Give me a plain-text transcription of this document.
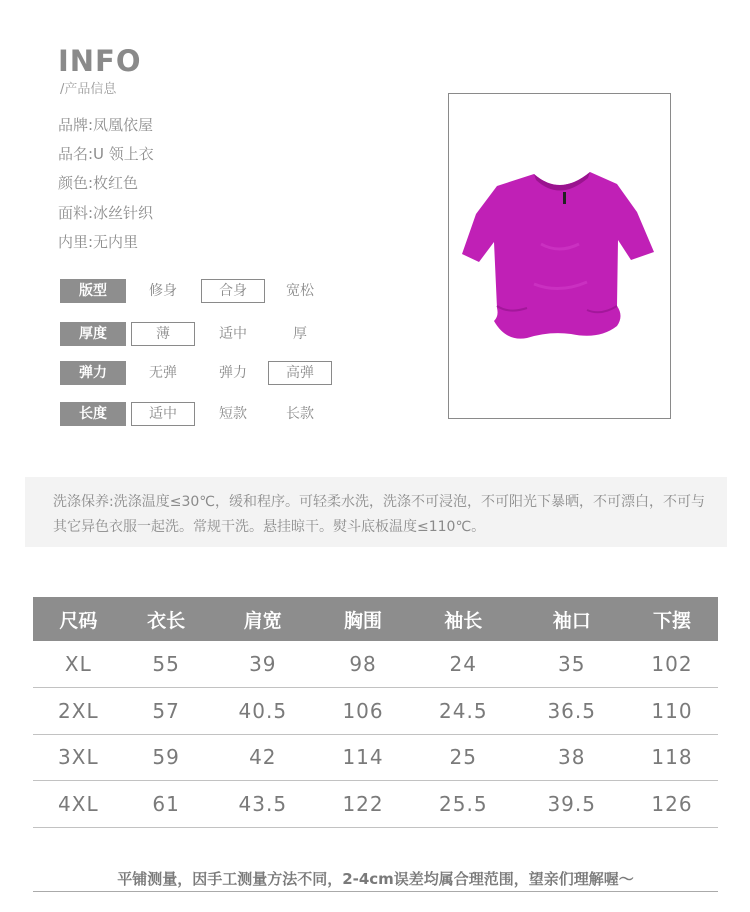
INFO
/产品信息
品牌:凤凰依屋
品名:U 领上衣
颜色:枚红色
面料:冰丝针织
内里:无内里
版型	修身	合身	宽松
厚度	薄	适中	厚
弹力	无弹	弹力	高弹
长度	适中	短款	长款
洗涤保养:洗涤温度≤30℃，缓和程序。可轻柔水洗，洗涤不可浸泡，不可阳光下暴晒，不可漂白，不可与其它异色衣服一起洗。常规干洗。悬挂晾干。熨斗底板温度≤110℃。
尺码	衣长	肩宽	胸围	袖长	袖口	下摆
XL	55	39	98	24	35	102
2XL	57	40.5	106	24.5	36.5	110
3XL	59	42	114	25	38	118
4XL	61	43.5	122	25.5	39.5	126
平铺测量，因手工测量方法不同，2-4cm误差均属合理范围，望亲们理解喔～
